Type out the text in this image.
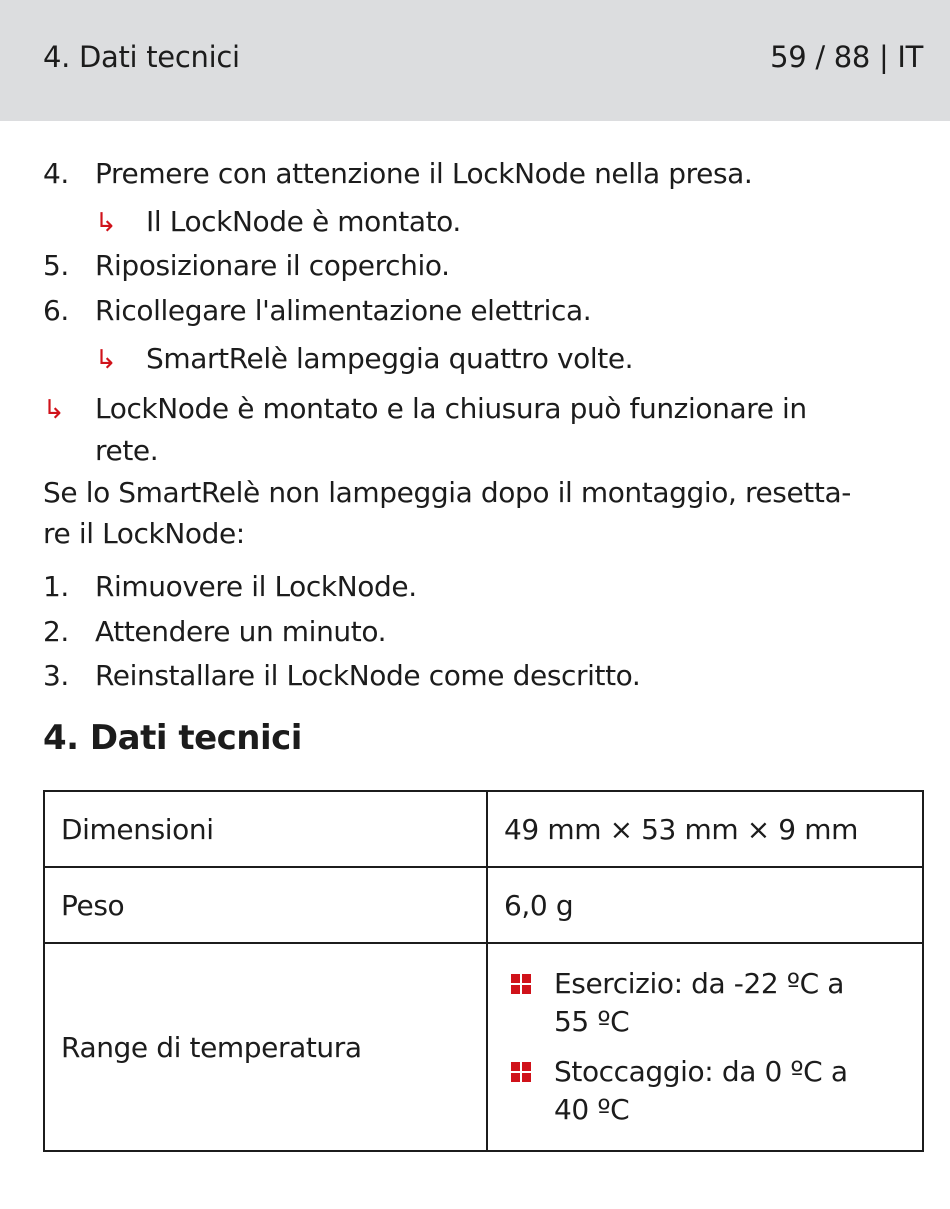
4. Dati tecnici	59 / 88 | IT
4. Premere con attenzione il LockNode nella presa.
↳ Il LockNode è montato.
5. Riposizionare il coperchio.
6. Ricollegare l'alimentazione elettrica.
↳ SmartRelè lampeggia quattro volte.
↳ LockNode è montato e la chiusura può funzionare in
rete.
Se lo SmartRelè non lampeggia dopo il montaggio, resetta-
re il LockNode:
1. Rimuovere il LockNode.
2. Attendere un minuto.
3. Reinstallare il LockNode come descritto.
4. Dati tecnici
Dimensioni	49 mm × 53 mm × 9 mm
Peso	6,0 g
Range di temperatura	Esercizio: da -22 ºC a
55 ºC
Stoccaggio: da 0 ºC a
40 ºC
